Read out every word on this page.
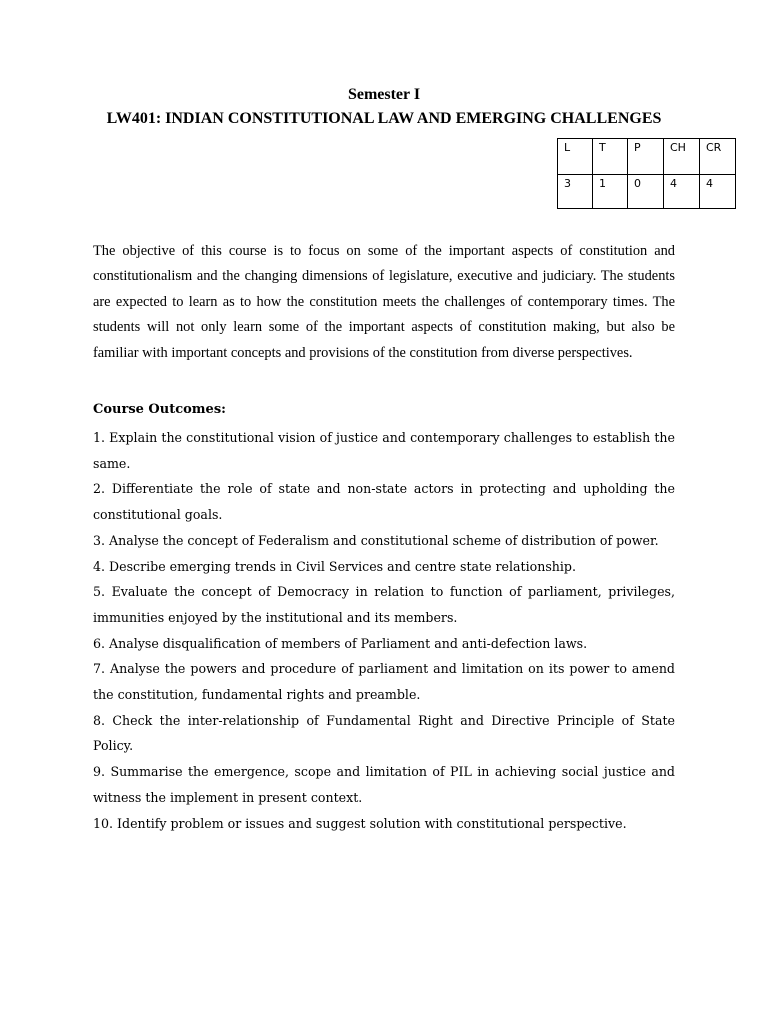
Semester I
LW401: INDIAN CONSTITUTIONAL LAW AND EMERGING CHALLENGES
L	T	P	CH	CR
3	1	0	4	4

The objective of this course is to focus on some of the important aspects of constitution and constitutionalism and the changing dimensions of legislature, executive and judiciary. The students are expected to learn as to how the constitution meets the challenges of contemporary times. The students will not only learn some of the important aspects of constitution making, but also be familiar with important concepts and provisions of the constitution from diverse perspectives.

Course Outcomes:
1. Explain the constitutional vision of justice and contemporary challenges to establish the same.
2. Differentiate the role of state and non-state actors in protecting and upholding the constitutional goals.
3. Analyse the concept of Federalism and constitutional scheme of distribution of power.
4. Describe emerging trends in Civil Services and centre state relationship.
5. Evaluate the concept of Democracy in relation to function of parliament, privileges, immunities enjoyed by the institutional and its members.
6. Analyse disqualification of members of Parliament and anti-defection laws.
7. Analyse the powers and procedure of parliament and limitation on its power to amend the constitution, fundamental rights and preamble.
8. Check the inter-relationship of Fundamental Right and Directive Principle of State Policy.
9. Summarise the emergence, scope and limitation of PIL in achieving social justice and witness the implement in present context.
10. Identify problem or issues and suggest solution with constitutional perspective.
